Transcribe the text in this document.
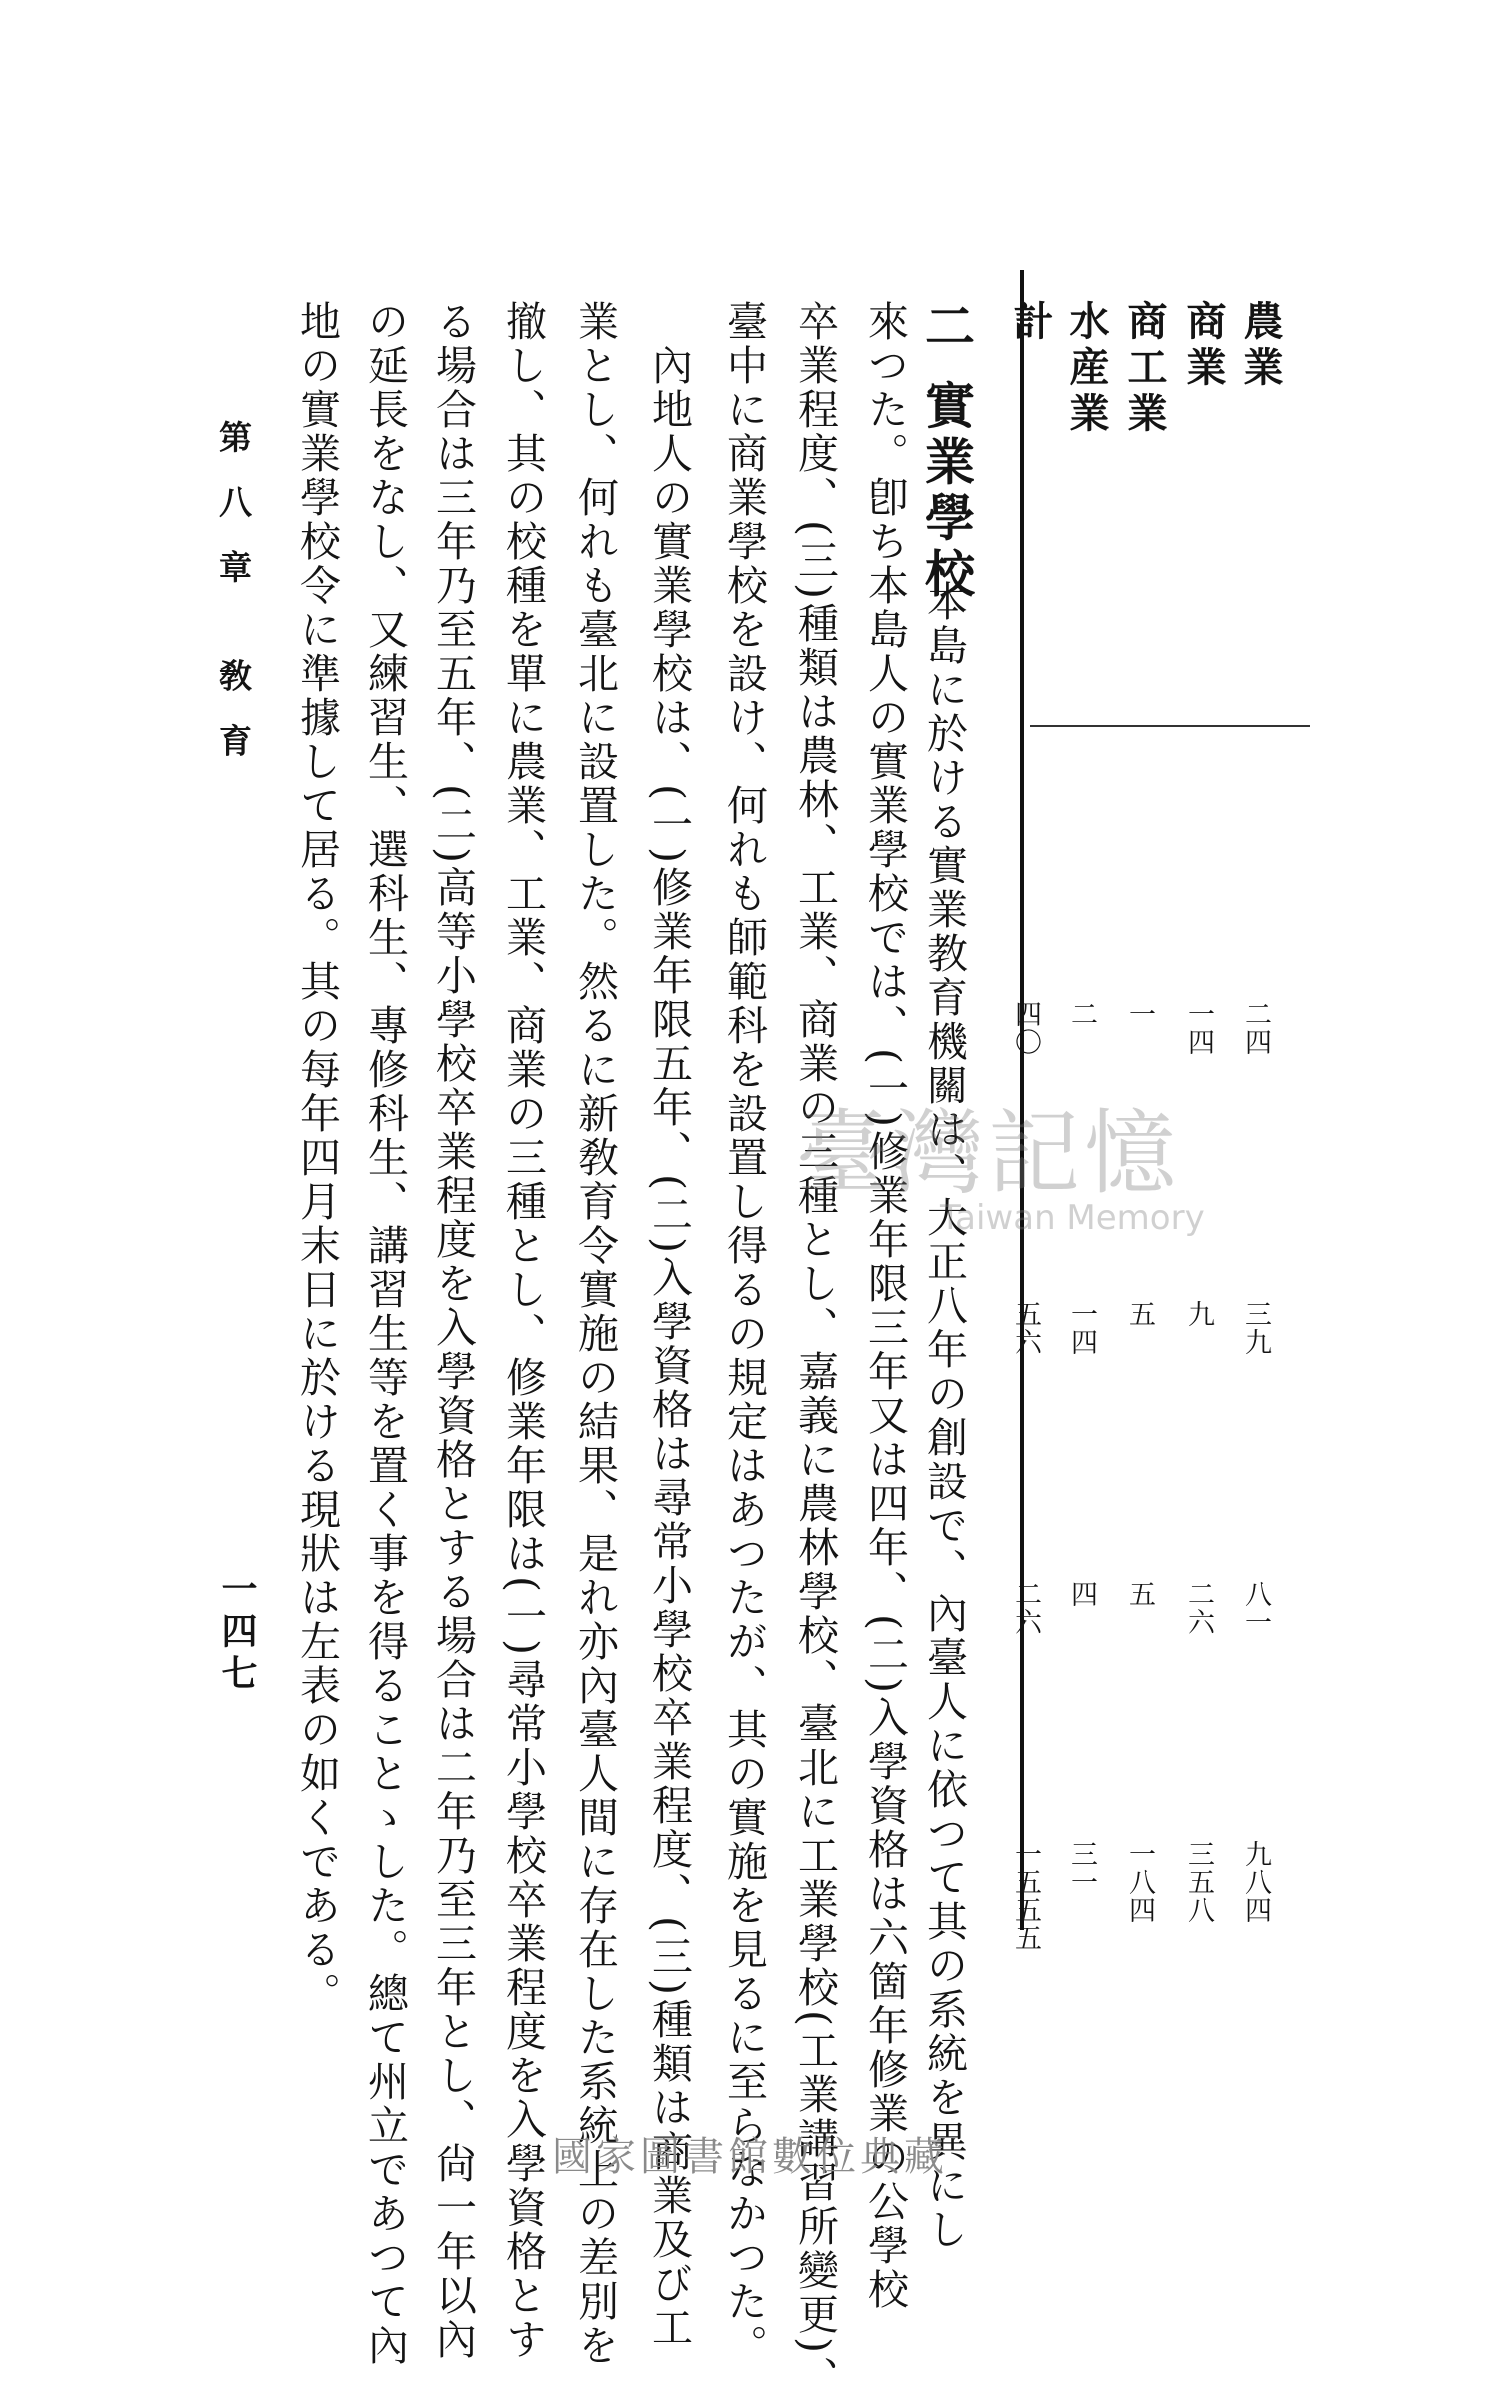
農業
二四
三九
八一
九八四
商業
一四
九
二六
三五八
商工業
一
五
五
一八四
水産業
二
一四
四
三一
計
四〇
五六
二六
一五五五
二 實業學校
本島に於ける實業教育機關は、大正八年の創設で、內臺人に依つて其の系統を異にし
來つた。卽ち本島人の實業學校では、(一)修業年限三年又は四年、(二)入學資格は六箇年修業の公學校
卒業程度、(三)種類は農林、工業、商業の三種とし、嘉義に農林學校、臺北に工業學校(工業講習所變更)、
臺中に商業學校を設け、何れも師範科を設置し得るの規定はあつたが、其の實施を見るに至らなかつた。
　內地人の實業學校は、(一)修業年限五年、(二)入學資格は尋常小學校卒業程度、(三)種類は商業及び工
業とし、何れも臺北に設置した。然るに新敎育令實施の結果、是れ亦內臺人間に存在した系統上の差別を
撤し、其の校種を單に農業、工業、商業の三種とし、修業年限は(一)尋常小學校卒業程度を入學資格とす
る場合は三年乃至五年、(二)高等小學校卒業程度を入學資格とする場合は二年乃至三年とし、尙一年以內
の延長をなし、又練習生、選科生、專修科生、講習生等を置く事を得ることゝした。總て州立であつて內
地の實業學校令に準據して居る。其の每年四月末日に於ける現狀は左表の如くである。
第八章 敎育
一四七
臺灣記憶
Taiwan Memory
國家圖書館數位典藏
